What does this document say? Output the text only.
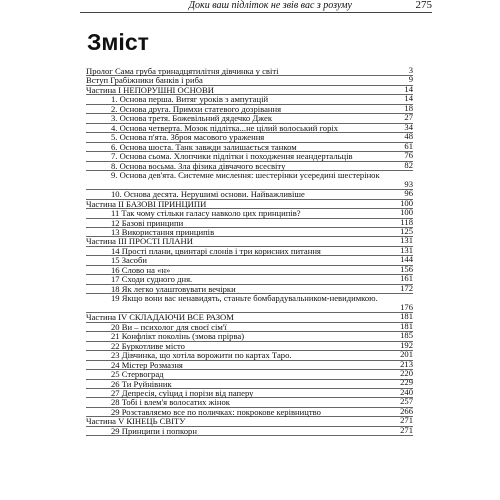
Доки ваш підліток не звів вас з розуму	275
Зміст
Пролог Сама груба тринадцятилітня дівчинка у світі	3
Вступ Грабіжники банків і риба	9
Частина I НЕПОРУШНІ ОСНОВИ	14
1. Основа перша. Витяг уроків з ампутацій	14
2. Основа друга. Примхи статевого дозрівання	18
3. Основа третя. Божевільний дядечко Джек	27
4. Основа четверта. Мозок підлітка...не цілий волоський горіх	34
5. Основа п'ята. Зброя масового ураження	48
6. Основа шоста. Танк завжди залишається танком	61
7. Основа сьома. Хлопчики підлітки і походження неандертальців	76
8. Основа восьма. Зла фізика дівчачого всесвіту	82
9. Основа дев'ята. Системне мислення: шестерінки усередині шестерінок
93
10. Основа десята. Нерушимі основи. Найважливіше	96
Частина II БАЗОВІ ПРИНЦИПИ	100
11 Так чому стільки галасу навколо цих принципів?	100
12 Базові принципи	118
13 Використання принципів	125
Частина III ПРОСТІ ПЛАНИ	131
14 Прості плани, цвинтарі слонів і три корисних питання	131
15 Засоби	144
16 Слово на «н»	156
17 Сходи судного дня.	161
18 Як легко улаштовувати вечірки	172
19 Якщо вони вас ненавидять, станьте бомбардувальником-невидимкою.
176
Частина IV СКЛАДАЮЧИ ВСЕ РАЗОМ	181
20 Ви – психолог для своєї сім'ї	181
21 Конфлікт поколінь (змова прірва)	185
22 Буркотливе місто	192
23 Дівчинка, що хотіла ворожити по картах Таро.	201
24 Містер Розмазня	213
25 Стервоград	220
26 Ти Руйнівник	229
27 Депресія, суїцид і порізи від паперу	240
28 Тобі і влем'я волосатих жінок	257
29 Розставляємо все по поличках: покрокове керівництво	266
Частина V КІНЕЦЬ СВІТУ	271
29 Принципи і попкорн	271
